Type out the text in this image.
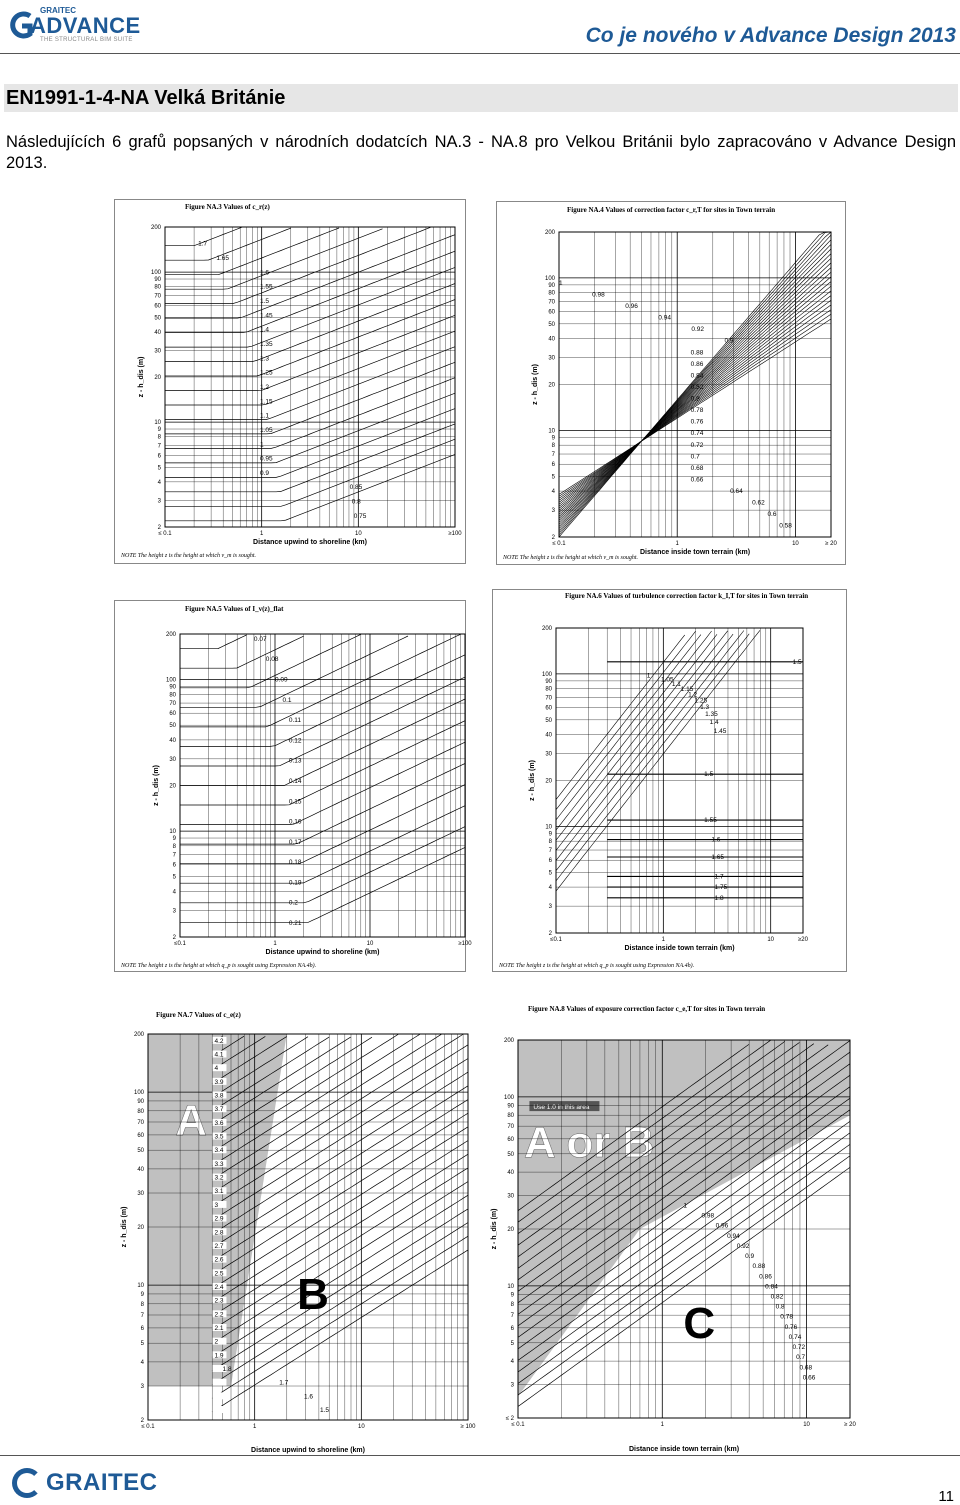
GRAITEC
ADVANCE
THE STRUCTURAL BIM SUITE	Co je nového v Advance Design 2013
EN1991-1-4-NA Velká Británie

Následujících 6 grafů popsaných v národních dodatcích NA.3 - NA.8 pro Velkou Británii bylo zapracováno v Advance Design 2013.

Figure NA.3 Values of c_r(z)
200
100
90
80
70
60
50
40
30
20
10
9
8
7
6
5
4
3
2
≤ 0.1	1	10	≥100
Distance upwind to shoreline (km)
z - h_dis (m)
1.7
1.65
1.6
1.55
1.5
1.45
1.4
1.35
1.3
1.25
1.2
1.15
1.1
1.05
1
0.95
0.9
0.85
0.8
0.75
NOTE The height z is the height at which v_m is sought.
Figure NA.4 Values of correction factor c_r,T for sites in Town terrain
200
100
90
80
70
60
50
40
30
20
10
9
8
7
6
5
4
3
2
≤ 0.1	1	10	≥ 20
Distance inside town terrain (km)
z - h_dis (m)
1
0.98
0.96
0.94
0.92
0.9
0.88
0.86
0.84
0.82
0.8
0.78
0.76
0.74
0.72
0.7
0.68
0.66
0.64
0.62
0.6
0.58
NOTE The height z is the height at which v_m is sought.
Figure NA.5 Values of I_v(z)_flat
200
100
90
80
70
60
50
40
30
20
10
9
8
7
6
5
4
3
2
≤0.1	1	10	≥100
Distance upwind to shoreline (km)
z - h_dis (m)
0.07
0.08
0.09
0.1
0.11
0.12
0.13
0.14
0.15
0.16
0.17
0.18
0.19
0.2
0.21
NOTE The height z is the height at which q_p is sought using Expression NA.4b).
Figure NA.6 Values of turbulence correction factor k_I,T for sites in Town terrain
200
100
90
80
70
60
50
40
30
20
10
9
8
7
6
5
4
3
2
≤0.1	1	10	≥20
Distance inside town terrain (km)
z - h_dis (m)
1
1.05
1.1
1.15
1.2
1.25
1.3
1.35
1.4
1.45
1.5
1.5
1.55
1.6
1.65
1.7
1.75
1.8
NOTE The height z is the height at which q_p is sought using Expression NA.4b).
Figure NA.7 Values of c_e(z)
A
B
200
100
90
80
70
60
50
40
30
20
10
9
8
7
6
5
4
3
2
≤ 0.1	1	10	≥ 100
Distance upwind to shoreline (km)
z - h_dis (m)
4.2
4.1
4
3.9
3.8
3.7
3.6
3.5
3.4
3.3
3.2
3.1
3
2.9
2.8
2.7
2.6
2.5
2.4
2.3
2.2
2.1
2
1.9
1.8
1.7
1.6
1.5
Figure NA.8 Values of exposure correction factor c_e,T for sites in Town terrain
Use 1.0 in this area
A or B
C
200
100
90
80
70
60
50
40
30
20
10
9
8
7
6
5
4
3
≤ 2
≤ 0.1	1	10	≥ 20
Distance inside town terrain (km)
z - h_dis (m)
1
0.98
0.96
0.94
0.92
0.9
0.88
0.86
0.84
0.82
0.8
0.78
0.76
0.74
0.72
0.7
0.68
0.66
GRAITEC
11
